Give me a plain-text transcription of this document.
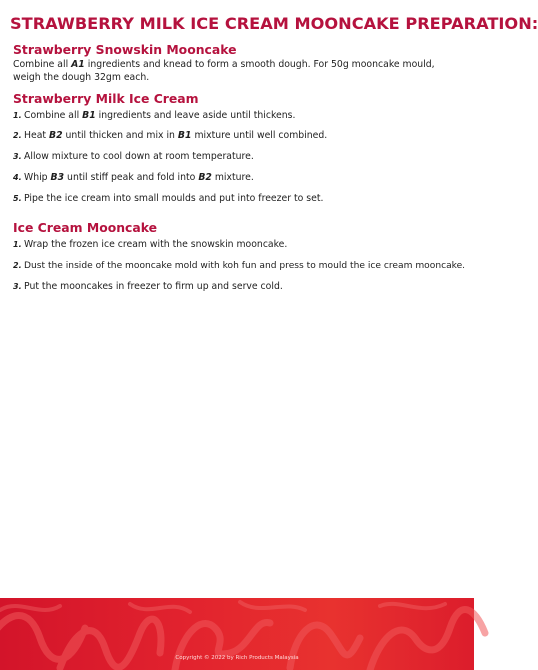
STRAWBERRY MILK ICE CREAM MOONCAKE PREPARATION:
Strawberry Snowskin Mooncake
Combine all A1 ingredients and knead to form a smooth dough. For 50g mooncake mould, weigh the dough 32gm each.
Strawberry Milk Ice Cream
1. Combine all B1 ingredients and leave aside until thickens.
2. Heat B2 until thicken and mix in B1 mixture until well combined.
3. Allow mixture to cool down at room temperature.
4. Whip B3 until stiff peak and fold into B2 mixture.
5. Pipe the ice cream into small moulds and put into freezer to set.
Ice Cream Mooncake
1. Wrap the frozen ice cream with the snowskin mooncake.
2. Dust the inside of the mooncake mold with koh fun and press to mould the ice cream mooncake.
3. Put the mooncakes in freezer to firm up and serve cold.
Copyright © 2022 by Rich Products Malaysia
